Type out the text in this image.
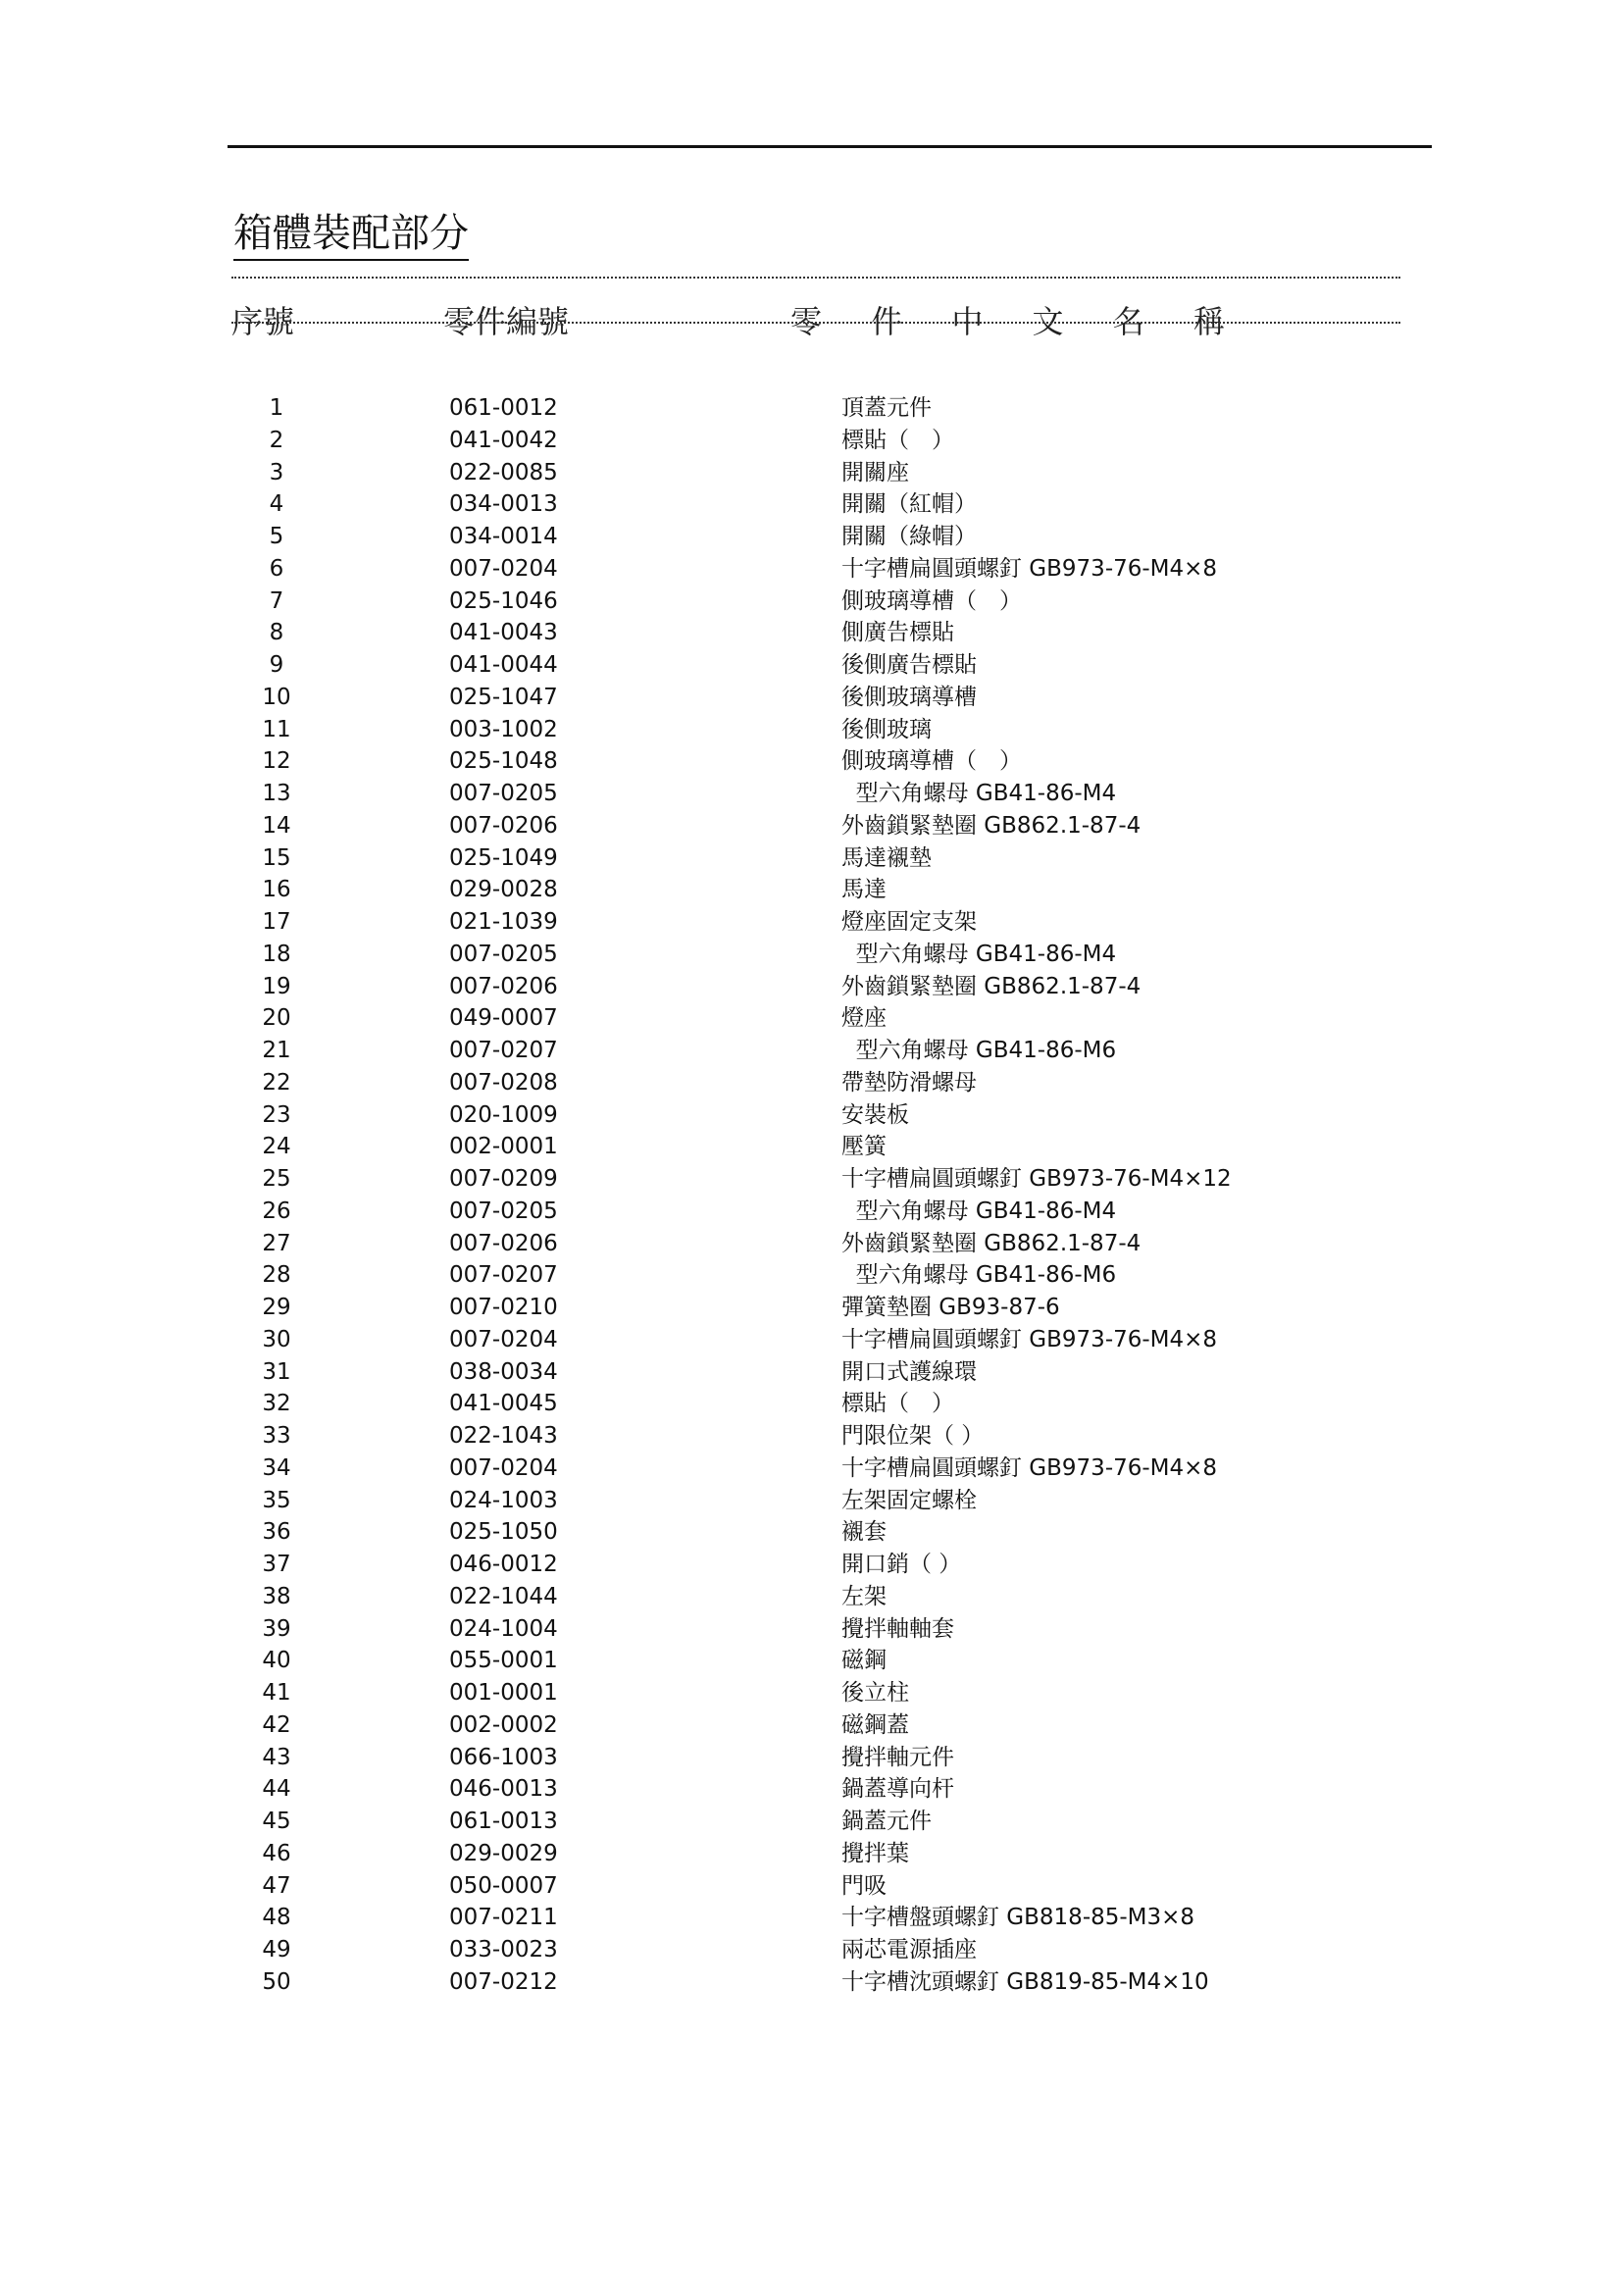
箱體裝配部分
序號	零件編號	零 件 中 文 名 稱
1	061-0012	頂蓋元件
2	041-0042	標貼（　）
3	022-0085	開關座
4	034-0013	開關（紅帽）
5	034-0014	開關（綠帽）
6	007-0204	十字槽扁圓頭螺釘 GB973-76-M4×8
7	025-1046	側玻璃導槽（　）
8	041-0043	側廣告標貼
9	041-0044	後側廣告標貼
10	025-1047	後側玻璃導槽
11	003-1002	後側玻璃
12	025-1048	側玻璃導槽（　）
13	007-0205	型六角螺母 GB41-86-M4
14	007-0206	外齒鎖緊墊圈 GB862.1-87-4
15	025-1049	馬達襯墊
16	029-0028	馬達
17	021-1039	燈座固定支架
18	007-0205	型六角螺母 GB41-86-M4
19	007-0206	外齒鎖緊墊圈 GB862.1-87-4
20	049-0007	燈座
21	007-0207	型六角螺母 GB41-86-M6
22	007-0208	帶墊防滑螺母
23	020-1009	安裝板
24	002-0001	壓簧
25	007-0209	十字槽扁圓頭螺釘 GB973-76-M4×12
26	007-0205	型六角螺母 GB41-86-M4
27	007-0206	外齒鎖緊墊圈 GB862.1-87-4
28	007-0207	型六角螺母 GB41-86-M6
29	007-0210	彈簧墊圈 GB93-87-6
30	007-0204	十字槽扁圓頭螺釘 GB973-76-M4×8
31	038-0034	開口式護線環
32	041-0045	標貼（　）
33	022-1043	門限位架（ ）
34	007-0204	十字槽扁圓頭螺釘 GB973-76-M4×8
35	024-1003	左架固定螺栓
36	025-1050	襯套
37	046-0012	開口銷（ ）
38	022-1044	左架
39	024-1004	攪拌軸軸套
40	055-0001	磁鋼
41	001-0001	後立柱
42	002-0002	磁鋼蓋
43	066-1003	攪拌軸元件
44	046-0013	鍋蓋導向杆
45	061-0013	鍋蓋元件
46	029-0029	攪拌葉
47	050-0007	門吸
48	007-0211	十字槽盤頭螺釘 GB818-85-M3×8
49	033-0023	兩芯電源插座
50	007-0212	十字槽沈頭螺釘 GB819-85-M4×10
